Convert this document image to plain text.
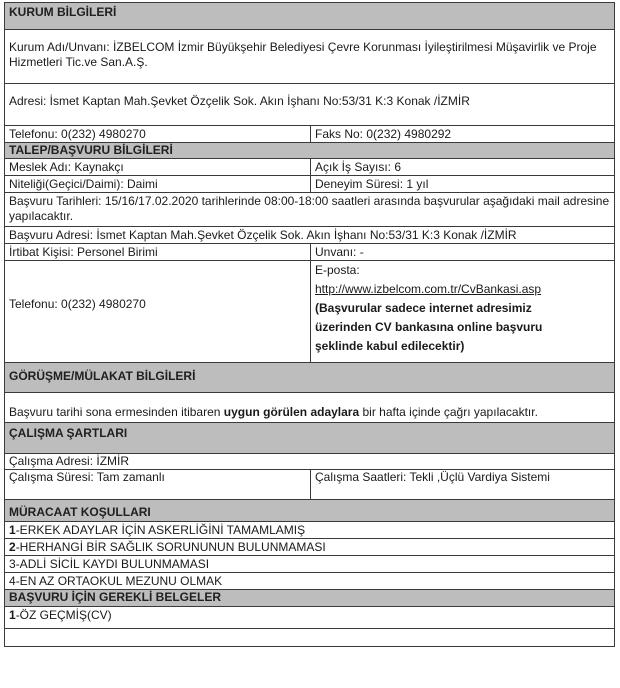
KURUM BİLGİLERİ
Kurum Adı/Unvanı: İZBELCOM İzmir Büyükşehir Belediyesi Çevre Korunması İyileştirilmesi Müşavirlik ve Proje Hizmetleri Tic.ve San.A.Ş.
Adresi: İsmet Kaptan Mah.Şevket Özçelik Sok. Akın İşhanı No:53/31 K:3 Konak /İZMİR
Telefonu: 0(232) 4980270	Faks No: 0(232) 4980292
TALEP/BAŞVURU BİLGİLERİ
Meslek Adı: Kaynakçı	Açık İş Sayısı: 6
Niteliği(Geçici/Daimi): Daimi	Deneyim Süresi: 1 yıl
Başvuru Tarihleri: 15/16/17.02.2020 tarihlerinde 08:00-18:00 saatleri arasında başvurular aşağıdaki mail adresine yapılacaktır.
Başvuru Adresi: İsmet Kaptan Mah.Şevket Özçelik Sok. Akın İşhanı No:53/31 K:3 Konak /İZMİR
İrtibat Kişisi: Personel Birimi	Unvanı: -
Telefonu: 0(232) 4980270
E-posta:
http://www.izbelcom.com.tr/CvBankasi.asp
(Başvurular sadece internet adresimiz üzerinden CV bankasına online başvuru şeklinde kabul edilecektir)
GÖRÜŞME/MÜLAKAT BİLGİLERİ
Başvuru tarihi sona ermesinden itibaren uygun görülen adaylara bir hafta içinde çağrı yapılacaktır.
ÇALIŞMA ŞARTLARI
Çalışma Adresi: İZMİR
Çalışma Süresi: Tam zamanlı	Çalışma Saatleri: Tekli ,Üçlü Vardiya Sistemi
MÜRACAAT KOŞULLARI
1-ERKEK ADAYLAR İÇİN ASKERLİĞİNİ TAMAMLAMIŞ
2-HERHANGİ BİR SAĞLIK SORUNUNUN BULUNMAMASI
3-ADLİ SİCİL KAYDI BULUNMAMASI
4-EN AZ ORTAOKUL MEZUNU OLMAK
BAŞVURU İÇİN GEREKLİ BELGELER
1-ÖZ GEÇMİŞ(CV)
